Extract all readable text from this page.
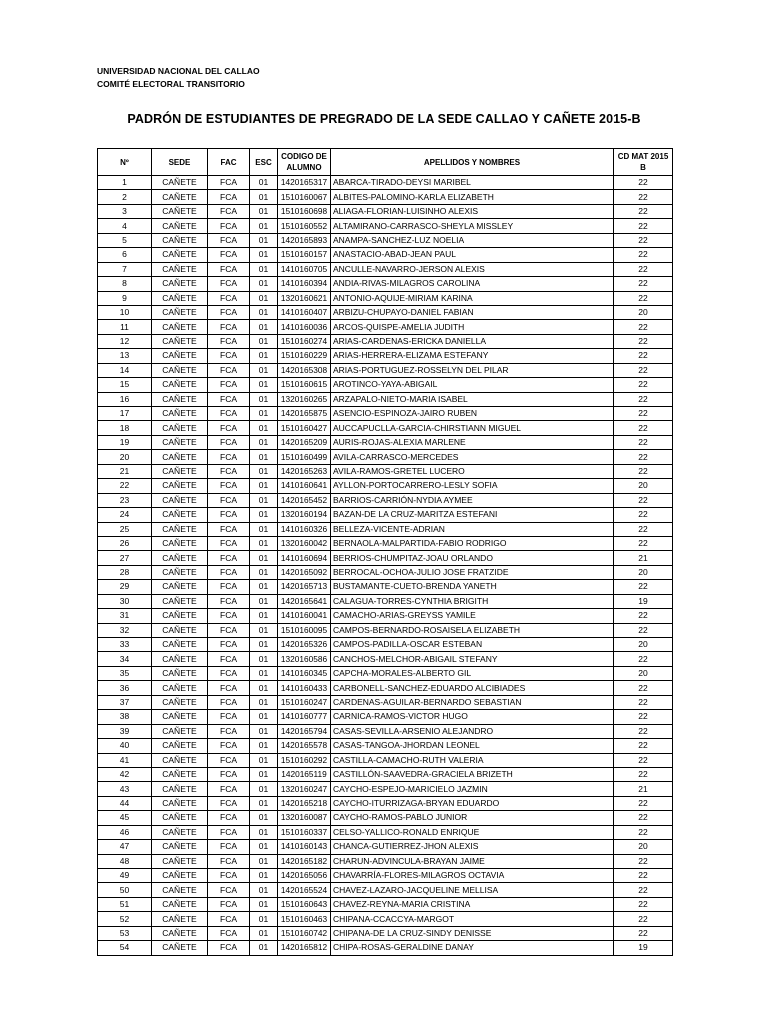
UNIVERSIDAD NACIONAL DEL CALLAO
COMITÉ ELECTORAL TRANSITORIO
PADRÓN DE ESTUDIANTES DE PREGRADO DE LA SEDE CALLAO Y CAÑETE 2015-B
Nº	SEDE	FAC	ESC	CODIGO DE ALUMNO	APELLIDOS Y NOMBRES	CD MAT 2015 B
1	CAÑETE	FCA	01	1420165317	ABARCA-TIRADO-DEYSI MARIBEL	22
2	CAÑETE	FCA	01	1510160067	ALBITES-PALOMINO-KARLA ELIZABETH	22
3	CAÑETE	FCA	01	1510160698	ALIAGA-FLORIAN-LUISINHO ALEXIS	22
4	CAÑETE	FCA	01	1510160552	ALTAMIRANO-CARRASCO-SHEYLA MISSLEY	22
5	CAÑETE	FCA	01	1420165893	ANAMPA-SANCHEZ-LUZ NOELIA	22
6	CAÑETE	FCA	01	1510160157	ANASTACIO-ABAD-JEAN PAUL	22
7	CAÑETE	FCA	01	1410160705	ANCULLE-NAVARRO-JERSON ALEXIS	22
8	CAÑETE	FCA	01	1410160394	ANDIA-RIVAS-MILAGROS CAROLINA	22
9	CAÑETE	FCA	01	1320160621	ANTONIO-AQUIJE-MIRIAM KARINA	22
10	CAÑETE	FCA	01	1410160407	ARBIZU-CHUPAYO-DANIEL FABIAN	20
11	CAÑETE	FCA	01	1410160036	ARCOS-QUISPE-AMELIA JUDITH	22
12	CAÑETE	FCA	01	1510160274	ARIAS-CARDENAS-ERICKA DANIELLA	22
13	CAÑETE	FCA	01	1510160229	ARIAS-HERRERA-ELIZAMA ESTEFANY	22
14	CAÑETE	FCA	01	1420165308	ARIAS-PORTUGUEZ-ROSSELYN DEL PILAR	22
15	CAÑETE	FCA	01	1510160615	AROTINCO-YAYA-ABIGAIL	22
16	CAÑETE	FCA	01	1320160265	ARZAPALO-NIETO-MARIA ISABEL	22
17	CAÑETE	FCA	01	1420165875	ASENCIO-ESPINOZA-JAIRO RUBEN	22
18	CAÑETE	FCA	01	1510160427	AUCCAPUCLLA-GARCIA-CHIRSTIANN MIGUEL	22
19	CAÑETE	FCA	01	1420165209	AURIS-ROJAS-ALEXIA MARLENE	22
20	CAÑETE	FCA	01	1510160499	AVILA-CARRASCO-MERCEDES	22
21	CAÑETE	FCA	01	1420165263	AVILA-RAMOS-GRETEL LUCERO	22
22	CAÑETE	FCA	01	1410160641	AYLLON-PORTOCARRERO-LESLY SOFIA	20
23	CAÑETE	FCA	01	1420165452	BARRIOS-CARRIÓN-NYDIA AYMEE	22
24	CAÑETE	FCA	01	1320160194	BAZAN-DE LA CRUZ-MARITZA ESTEFANI	22
25	CAÑETE	FCA	01	1410160326	BELLEZA-VICENTE-ADRIAN	22
26	CAÑETE	FCA	01	1320160042	BERNAOLA-MALPARTIDA-FABIO RODRIGO	22
27	CAÑETE	FCA	01	1410160694	BERRIOS-CHUMPITAZ-JOAU ORLANDO	21
28	CAÑETE	FCA	01	1420165092	BERROCAL-OCHOA-JULIO JOSE FRATZIDE	20
29	CAÑETE	FCA	01	1420165713	BUSTAMANTE-CUETO-BRENDA YANETH	22
30	CAÑETE	FCA	01	1420165641	CALAGUA-TORRES-CYNTHIA BRIGITH	19
31	CAÑETE	FCA	01	1410160041	CAMACHO-ARIAS-GREYSS YAMILE	22
32	CAÑETE	FCA	01	1510160095	CAMPOS-BERNARDO-ROSAISELA ELIZABETH	22
33	CAÑETE	FCA	01	1420165326	CAMPOS-PADILLA-OSCAR ESTEBAN	20
34	CAÑETE	FCA	01	1320160586	CANCHOS-MELCHOR-ABIGAIL STEFANY	22
35	CAÑETE	FCA	01	1410160345	CAPCHA-MORALES-ALBERTO GIL	20
36	CAÑETE	FCA	01	1410160433	CARBONELL-SANCHEZ-EDUARDO ALCIBIADES	22
37	CAÑETE	FCA	01	1510160247	CARDENAS-AGUILAR-BERNARDO SEBASTIAN	22
38	CAÑETE	FCA	01	1410160777	CARNICA-RAMOS-VICTOR HUGO	22
39	CAÑETE	FCA	01	1420165794	CASAS-SEVILLA-ARSENIO ALEJANDRO	22
40	CAÑETE	FCA	01	1420165578	CASAS-TANGOA-JHORDAN LEONEL	22
41	CAÑETE	FCA	01	1510160292	CASTILLA-CAMACHO-RUTH VALERIA	22
42	CAÑETE	FCA	01	1420165119	CASTILLÓN-SAAVEDRA-GRACIELA BRIZETH	22
43	CAÑETE	FCA	01	1320160247	CAYCHO-ESPEJO-MARICIELO JAZMIN	21
44	CAÑETE	FCA	01	1420165218	CAYCHO-ITURRIZAGA-BRYAN EDUARDO	22
45	CAÑETE	FCA	01	1320160087	CAYCHO-RAMOS-PABLO JUNIOR	22
46	CAÑETE	FCA	01	1510160337	CELSO-YALLICO-RONALD ENRIQUE	22
47	CAÑETE	FCA	01	1410160143	CHANCA-GUTIERREZ-JHON ALEXIS	20
48	CAÑETE	FCA	01	1420165182	CHARUN-ADVINCULA-BRAYAN JAIME	22
49	CAÑETE	FCA	01	1420165056	CHAVARRÍA-FLORES-MILAGROS OCTAVIA	22
50	CAÑETE	FCA	01	1420165524	CHAVEZ-LAZARO-JACQUELINE MELLISA	22
51	CAÑETE	FCA	01	1510160643	CHAVEZ-REYNA-MARIA CRISTINA	22
52	CAÑETE	FCA	01	1510160463	CHIPANA-CCACCYA-MARGOT	22
53	CAÑETE	FCA	01	1510160742	CHIPANA-DE LA CRUZ-SINDY DENISSE	22
54	CAÑETE	FCA	01	1420165812	CHIPA-ROSAS-GERALDINE DANAY	19
